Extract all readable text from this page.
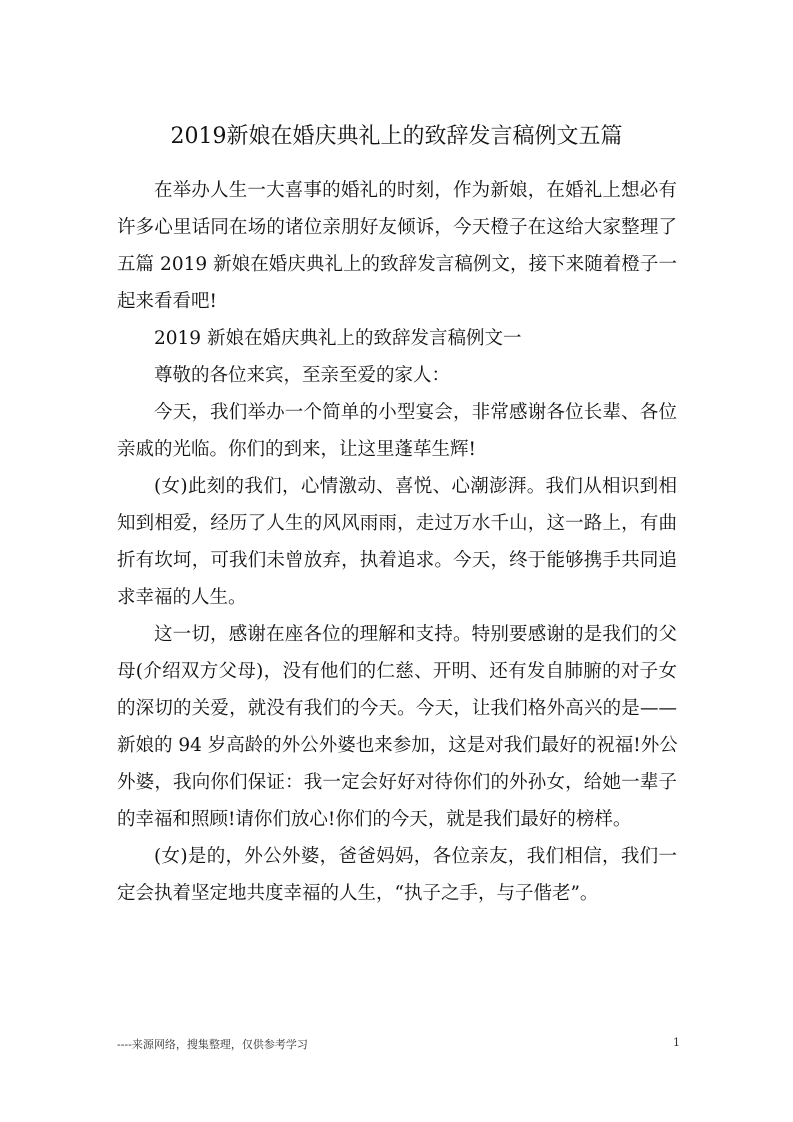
2019新娘在婚庆典礼上的致辞发言稿例文五篇
在举办人生一大喜事的婚礼的时刻，作为新娘，在婚礼上想必有
许多心里话同在场的诸位亲朋好友倾诉，今天橙子在这给大家整理了
五篇 2019 新娘在婚庆典礼上的致辞发言稿例文，接下来随着橙子一
起来看看吧!
2019 新娘在婚庆典礼上的致辞发言稿例文一
尊敬的各位来宾，至亲至爱的家人：
今天，我们举办一个简单的小型宴会，非常感谢各位长辈、各位
亲戚的光临。你们的到来，让这里蓬荜生辉!
(女)此刻的我们，心情激动、喜悦、心潮澎湃。我们从相识到相
知到相爱，经历了人生的风风雨雨，走过万水千山，这一路上，有曲
折有坎坷，可我们未曾放弃，执着追求。今天，终于能够携手共同追
求幸福的人生。
这一切，感谢在座各位的理解和支持。特别要感谢的是我们的父
母(介绍双方父母)，没有他们的仁慈、开明、还有发自肺腑的对子女
的深切的关爱，就没有我们的今天。今天，让我们格外高兴的是——
新娘的 94 岁高龄的外公外婆也来参加，这是对我们最好的祝福!外公
外婆，我向你们保证：我一定会好好对待你们的外孙女，给她一辈子
的幸福和照顾!请你们放心!你们的今天，就是我们最好的榜样。
(女)是的，外公外婆，爸爸妈妈，各位亲友，我们相信，我们一
定会执着坚定地共度幸福的人生，“执子之手，与子偕老”。
----来源网络，搜集整理，仅供参考学习	1
